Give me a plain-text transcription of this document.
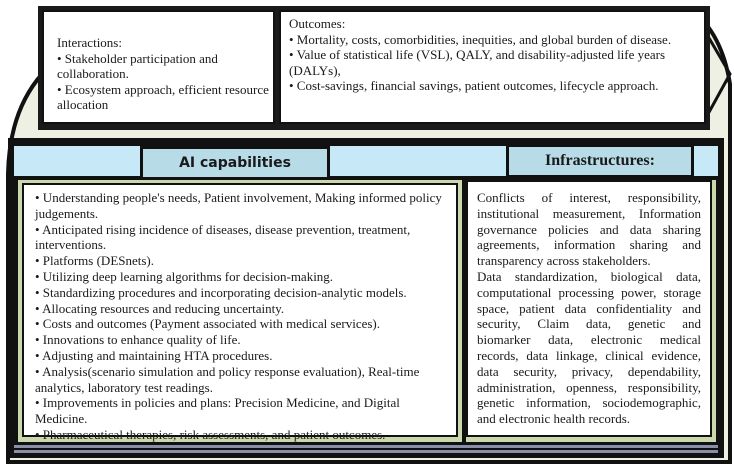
Interactions:
• Stakeholder participation and collaboration.
• Ecosystem approach, efficient resource allocation
Outcomes:
• Mortality, costs, comorbidities, inequities, and global burden of disease.
• Value of statistical life (VSL), QALY, and disability-adjusted life years (DALYs),
• Cost-savings, financial savings, patient outcomes, lifecycle approach.
AI capabilities	Infrastructures:
• Understanding people's needs, Patient involvement, Making informed policy judgements.
• Anticipated rising incidence of diseases, disease prevention, treatment, interventions.
• Platforms (DESnets).
• Utilizing deep learning algorithms for decision-making.
• Standardizing procedures and incorporating decision-analytic models.
• Allocating resources and reducing uncertainty.
• Costs and outcomes (Payment associated with medical services).
• Innovations to enhance quality of life.
• Adjusting and maintaining HTA procedures.
• Analysis(scenario simulation and policy response evaluation), Real-time analytics, laboratory test readings.
• Improvements in policies and plans: Precision Medicine, and Digital Medicine.
• Pharmaceutical therapies, risk assessments, and patient outcomes.

Conflicts of interest, responsibility, institutional measurement, Information governance policies and data sharing agreements, information sharing and transparency across stakeholders.

Data standardization, biological data, computational processing power, storage space, patient data confidentiality and security, Claim data, genetic and biomarker data, electronic medical records, data linkage, clinical evidence, data security, privacy, dependability, administration, openness, responsibility, genetic information, sociodemographic, and electronic health records.
